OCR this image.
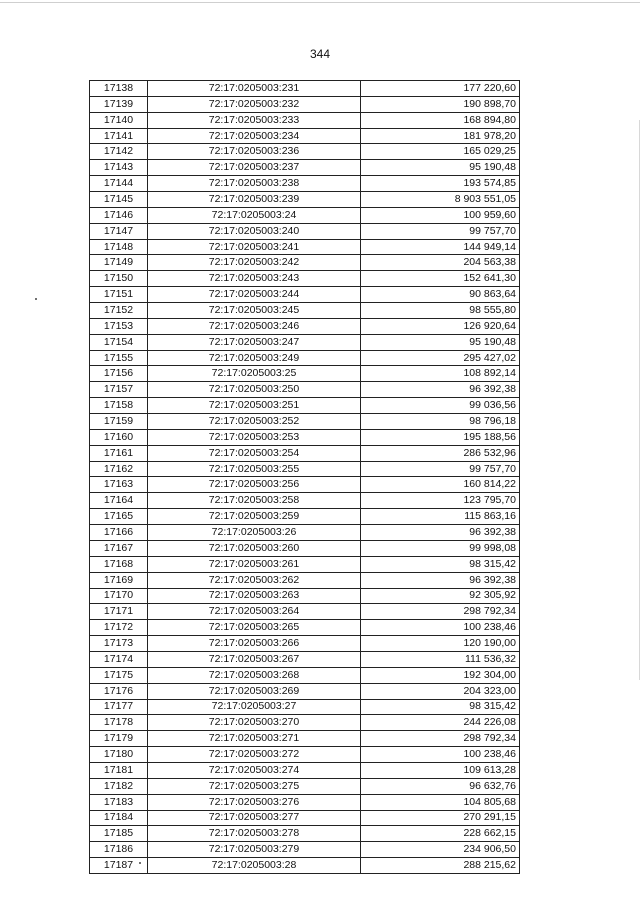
344
17138	72:17:0205003:231	177 220,60
17139	72:17:0205003:232	190 898,70
17140	72:17:0205003:233	168 894,80
17141	72:17:0205003:234	181 978,20
17142	72:17:0205003:236	165 029,25
17143	72:17:0205003:237	95 190,48
17144	72:17:0205003:238	193 574,85
17145	72:17:0205003:239	8 903 551,05
17146	72:17:0205003:24	100 959,60
17147	72:17:0205003:240	99 757,70
17148	72:17:0205003:241	144 949,14
17149	72:17:0205003:242	204 563,38
17150	72:17:0205003:243	152 641,30
17151	72:17:0205003:244	90 863,64
17152	72:17:0205003:245	98 555,80
17153	72:17:0205003:246	126 920,64
17154	72:17:0205003:247	95 190,48
17155	72:17:0205003:249	295 427,02
17156	72:17:0205003:25	108 892,14
17157	72:17:0205003:250	96 392,38
17158	72:17:0205003:251	99 036,56
17159	72:17:0205003:252	98 796,18
17160	72:17:0205003:253	195 188,56
17161	72:17:0205003:254	286 532,96
17162	72:17:0205003:255	99 757,70
17163	72:17:0205003:256	160 814,22
17164	72:17:0205003:258	123 795,70
17165	72:17:0205003:259	115 863,16
17166	72:17:0205003:26	96 392,38
17167	72:17:0205003:260	99 998,08
17168	72:17:0205003:261	98 315,42
17169	72:17:0205003:262	96 392,38
17170	72:17:0205003:263	92 305,92
17171	72:17:0205003:264	298 792,34
17172	72:17:0205003:265	100 238,46
17173	72:17:0205003:266	120 190,00
17174	72:17:0205003:267	111 536,32
17175	72:17:0205003:268	192 304,00
17176	72:17:0205003:269	204 323,00
17177	72:17:0205003:27	98 315,42
17178	72:17:0205003:270	244 226,08
17179	72:17:0205003:271	298 792,34
17180	72:17:0205003:272	100 238,46
17181	72:17:0205003:274	109 613,28
17182	72:17:0205003:275	96 632,76
17183	72:17:0205003:276	104 805,68
17184	72:17:0205003:277	270 291,15
17185	72:17:0205003:278	228 662,15
17186	72:17:0205003:279	234 906,50
17187	72:17:0205003:28	288 215,62
